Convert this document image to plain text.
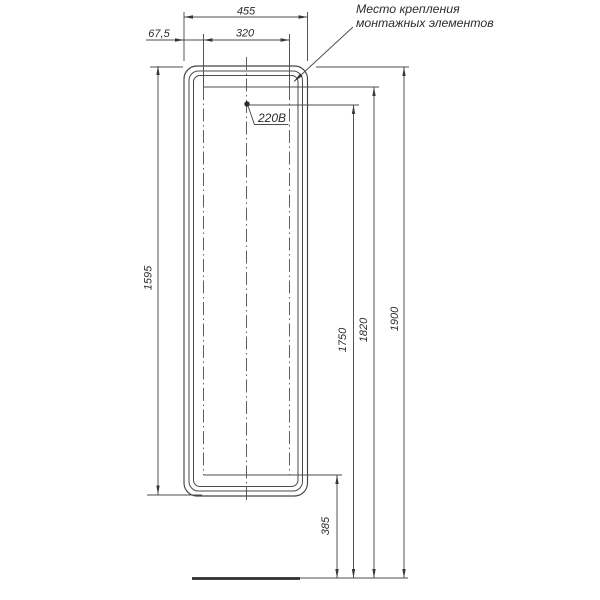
455
320
67,5
1595
1750 1820 1900
385
220В
Место крепления
монтажных элементов
